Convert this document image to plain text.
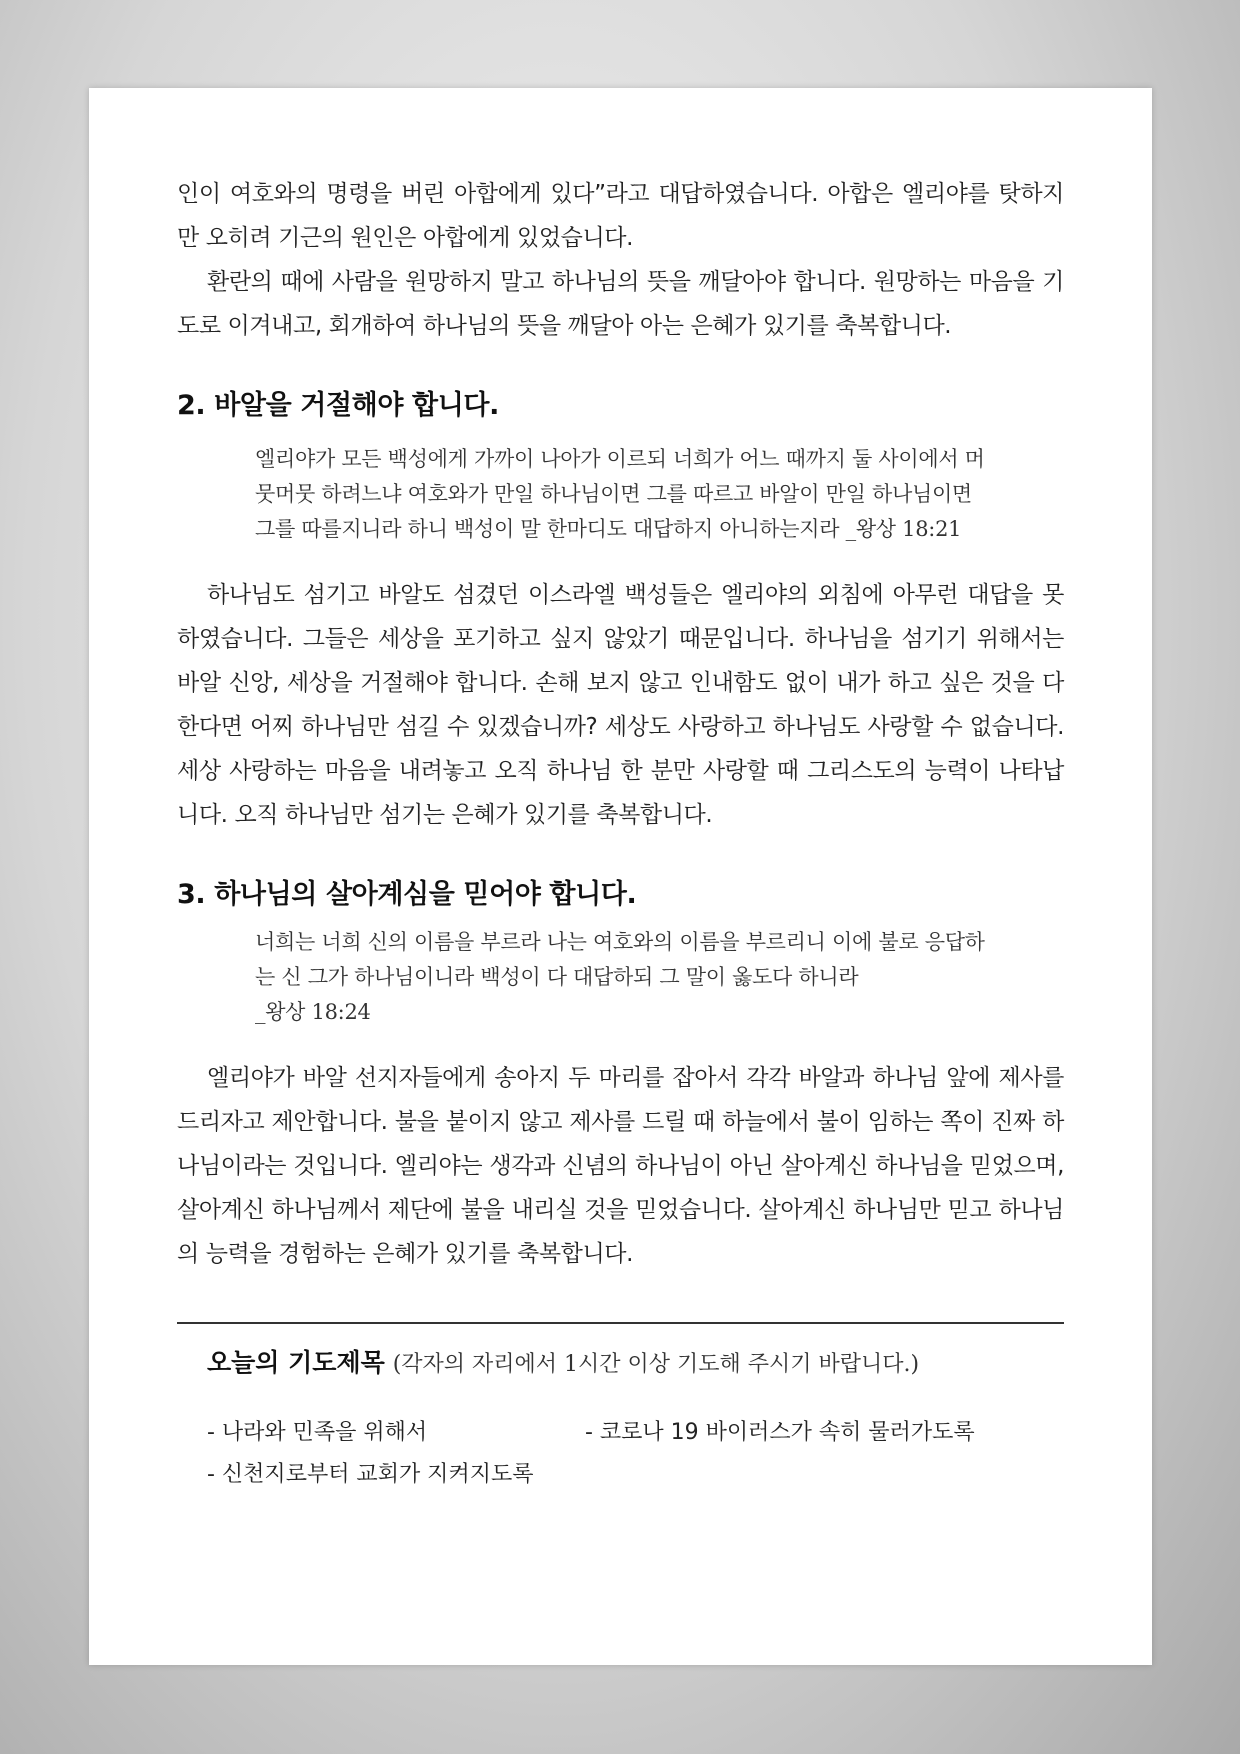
인이 여호와의 명령을 버린 아합에게 있다”라고 대답하였습니다. 아합은 엘리야를 탓하지만 오히려 기근의 원인은 아합에게 있었습니다.

환란의 때에 사람을 원망하지 말고 하나님의 뜻을 깨달아야 합니다. 원망하는 마음을 기도로 이겨내고, 회개하여 하나님의 뜻을 깨달아 아는 은혜가 있기를 축복합니다.

2. 바알을 거절해야 합니다.

엘리야가 모든 백성에게 가까이 나아가 이르되 너희가 어느 때까지 둘 사이에서 머뭇머뭇 하려느냐 여호와가 만일 하나님이면 그를 따르고 바알이 만일 하나님이면 그를 따를지니라 하니 백성이 말 한마디도 대답하지 아니하는지라 _왕상 18:21

하나님도 섬기고 바알도 섬겼던 이스라엘 백성들은 엘리야의 외침에 아무런 대답을 못 하였습니다. 그들은 세상을 포기하고 싶지 않았기 때문입니다. 하나님을 섬기기 위해서는 바알 신앙, 세상을 거절해야 합니다. 손해 보지 않고 인내함도 없이 내가 하고 싶은 것을 다 한다면 어찌 하나님만 섬길 수 있겠습니까? 세상도 사랑하고 하나님도 사랑할 수 없습니다. 세상 사랑하는 마음을 내려놓고 오직 하나님 한 분만 사랑할 때 그리스도의 능력이 나타납니다. 오직 하나님만 섬기는 은혜가 있기를 축복합니다.

3. 하나님의 살아계심을 믿어야 합니다.

너희는 너희 신의 이름을 부르라 나는 여호와의 이름을 부르리니 이에 불로 응답하는 신 그가 하나님이니라 백성이 다 대답하되 그 말이 옳도다 하니라
_왕상 18:24

엘리야가 바알 선지자들에게 송아지 두 마리를 잡아서 각각 바알과 하나님 앞에 제사를 드리자고 제안합니다. 불을 붙이지 않고 제사를 드릴 때 하늘에서 불이 임하는 쪽이 진짜 하나님이라는 것입니다. 엘리야는 생각과 신념의 하나님이 아닌 살아계신 하나님을 믿었으며, 살아계신 하나님께서 제단에 불을 내리실 것을 믿었습니다. 살아계신 하나님만 믿고 하나님의 능력을 경험하는 은혜가 있기를 축복합니다.

오늘의 기도제목 (각자의 자리에서 1시간 이상 기도해 주시기 바랍니다.)

- 나라와 민족을 위해서	- 코로나 19 바이러스가 속히 물러가도록
- 신천지로부터 교회가 지켜지도록
